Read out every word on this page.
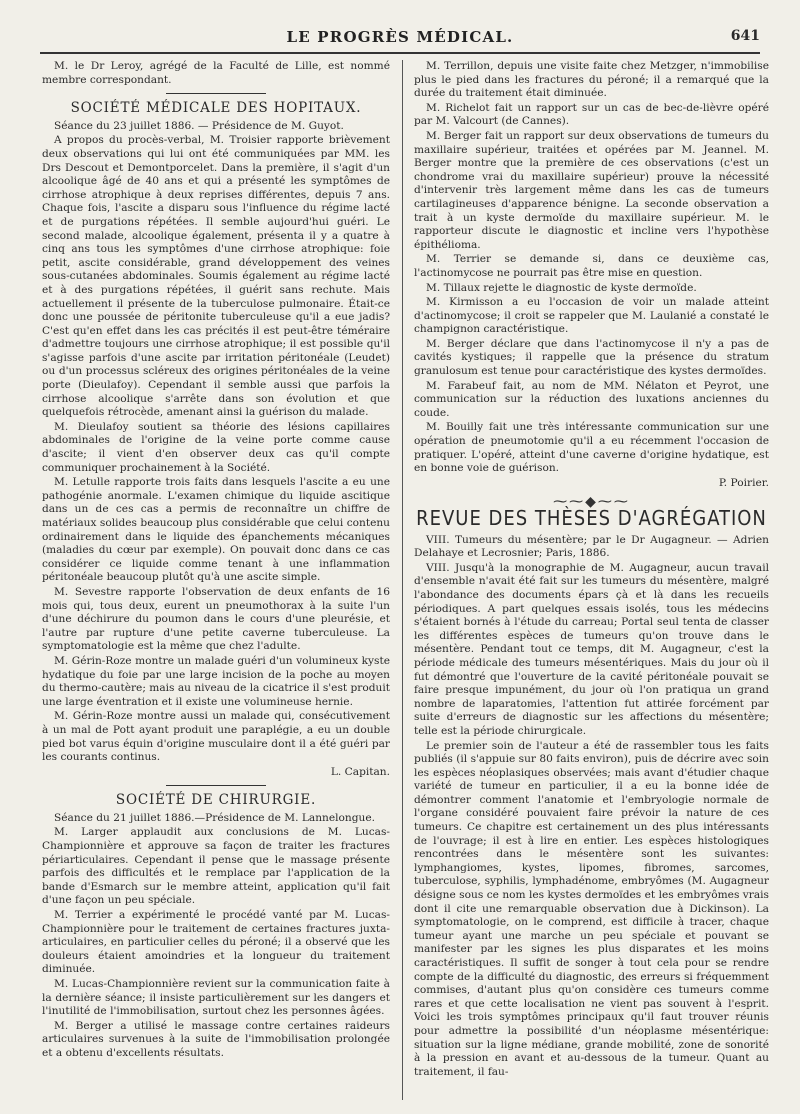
LE PROGRÈS MÉDICAL.	641

M. le Dr Leroy, agrégé de la Faculté de Lille, est nommé membre correspondant.

SOCIÉTÉ MÉDICALE DES HOPITAUX.

Séance du 23 juillet 1886. — Présidence de M. Guyot.

A propos du procès-verbal, M. Troisier rapporte brièvement deux observations qui lui ont été communiquées par MM. les Drs Descout et Demontporcelet. Dans la première, il s'agit d'un alcoolique âgé de 40 ans et qui a présenté les symptômes de cirrhose atrophique à deux reprises différentes, depuis 7 ans. Chaque fois, l'ascite a disparu sous l'influence du régime lacté et de purgations répétées. Il semble aujourd'hui guéri. Le second malade, alcoolique également, présenta il y a quatre à cinq ans tous les symptômes d'une cirrhose atrophique: foie petit, ascite considérable, grand développement des veines sous-cutanées abdominales. Soumis également au régime lacté et à des purgations répétées, il guérit sans rechute. Mais actuellement il présente de la tuberculose pulmonaire. Était-ce donc une poussée de péritonite tuberculeuse qu'il a eue jadis? C'est qu'en effet dans les cas précités il est peut-être téméraire d'admettre toujours une cirrhose atrophique; il est possible qu'il s'agisse parfois d'une ascite par irritation péritonéale (Leudet) ou d'un processus scléreux des origines péritonéales de la veine porte (Dieulafoy). Cependant il semble aussi que parfois la cirrhose alcoolique s'arrête dans son évolution et que quelquefois rétrocède, amenant ainsi la guérison du malade.

M. Dieulafoy soutient sa théorie des lésions capillaires abdominales de l'origine de la veine porte comme cause d'ascite; il vient d'en observer deux cas qu'il compte communiquer prochainement à la Société.

M. Letulle rapporte trois faits dans lesquels l'ascite a eu une pathogénie anormale. L'examen chimique du liquide ascitique dans un de ces cas a permis de reconnaître un chiffre de matériaux solides beaucoup plus considérable que celui contenu ordinairement dans le liquide des épanchements mécaniques (maladies du cœur par exemple). On pouvait donc dans ce cas considérer ce liquide comme tenant à une inflammation péritonéale beaucoup plutôt qu'à une ascite simple.

M. Sevestre rapporte l'observation de deux enfants de 16 mois qui, tous deux, eurent un pneumothorax à la suite l'un d'une déchirure du poumon dans le cours d'une pleurésie, et l'autre par rupture d'une petite caverne tuberculeuse. La symptomatologie est la même que chez l'adulte.

M. Gérin-Roze montre un malade guéri d'un volumineux kyste hydatique du foie par une large incision de la poche au moyen du thermo-cautère; mais au niveau de la cicatrice il s'est produit une large éventration et il existe une volumineuse hernie.

M. Gérin-Roze montre aussi un malade qui, consécutivement à un mal de Pott ayant produit une paraplégie, a eu un double pied bot varus équin d'origine musculaire dont il a été guéri par les courants continus.

L. Capitan.

SOCIÉTÉ DE CHIRURGIE.

Séance du 21 juillet 1886.—Présidence de M. Lannelongue.

M. Larger applaudit aux conclusions de M. Lucas-Championnière et approuve sa façon de traiter les fractures périarticulaires. Cependant il pense que le massage présente parfois des difficultés et le remplace par l'application de la bande d'Esmarch sur le membre atteint, application qu'il fait d'une façon un peu spéciale.

M. Terrier a expérimenté le procédé vanté par M. Lucas-Championnière pour le traitement de certaines fractures juxta-articulaires, en particulier celles du péroné; il a observé que les douleurs étaient amoindries et la longueur du traitement diminuée.

M. Lucas-Championnière revient sur la communication faite à la dernière séance; il insiste particulièrement sur les dangers et l'inutilité de l'immobilisation, surtout chez les personnes âgées.

M. Berger a utilisé le massage contre certaines raideurs articulaires survenues à la suite de l'immobilisation prolongée et a obtenu d'excellents résultats.

M. Terrillon, depuis une visite faite chez Metzger, n'immobilise plus le pied dans les fractures du péroné; il a remarqué que la durée du traitement était diminuée.

M. Richelot fait un rapport sur un cas de bec-de-lièvre opéré par M. Valcourt (de Cannes).

M. Berger fait un rapport sur deux observations de tumeurs du maxillaire supérieur, traitées et opérées par M. Jeannel. M. Berger montre que la première de ces observations (c'est un chondrome vrai du maxillaire supérieur) prouve la nécessité d'intervenir très largement même dans les cas de tumeurs cartilagineuses d'apparence bénigne. La seconde observation a trait à un kyste dermoïde du maxillaire supérieur. M. le rapporteur discute le diagnostic et incline vers l'hypothèse épithélioma.

M. Terrier se demande si, dans ce deuxième cas, l'actinomycose ne pourrait pas être mise en question.

M. Tillaux rejette le diagnostic de kyste dermoïde.

M. Kirmisson a eu l'occasion de voir un malade atteint d'actinomycose; il croit se rappeler que M. Laulanié a constaté le champignon caractéristique.

M. Berger déclare que dans l'actinomycose il n'y a pas de cavités kystiques; il rappelle que la présence du stratum granulosum est tenue pour caractéristique des kystes dermoïdes.

M. Farabeuf fait, au nom de MM. Nélaton et Peyrot, une communication sur la réduction des luxations anciennes du coude.

M. Bouilly fait une très intéressante communication sur une opération de pneumotomie qu'il a eu récemment l'occasion de pratiquer. L'opéré, atteint d'une caverne d'origine hydatique, est en bonne voie de guérison.

P. Poirier.

⁓⁓◆⁓⁓
REVUE DES THÈSES D'AGRÉGATION

VIII. Tumeurs du mésentère; par le Dr Augagneur. — Adrien Delahaye et Lecrosnier; Paris, 1886.

VIII. Jusqu'à la monographie de M. Augagneur, aucun travail d'ensemble n'avait été fait sur les tumeurs du mésentère, malgré l'abondance des documents épars çà et là dans les recueils périodiques. A part quelques essais isolés, tous les médecins s'étaient bornés à l'étude du carreau; Portal seul tenta de classer les différentes espèces de tumeurs qu'on trouve dans le mésentère. Pendant tout ce temps, dit M. Augagneur, c'est la période médicale des tumeurs mésentériques. Mais du jour où il fut démontré que l'ouverture de la cavité péritonéale pouvait se faire presque impunément, du jour où l'on pratiqua un grand nombre de laparatomies, l'attention fut attirée forcément par suite d'erreurs de diagnostic sur les affections du mésentère; telle est la période chirurgicale.

Le premier soin de l'auteur a été de rassembler tous les faits publiés (il s'appuie sur 80 faits environ), puis de décrire avec soin les espèces néoplasiques observées; mais avant d'étudier chaque variété de tumeur en particulier, il a eu la bonne idée de démontrer comment l'anatomie et l'embryologie normale de l'organe considéré pouvaient faire prévoir la nature de ces tumeurs. Ce chapitre est certainement un des plus intéressants de l'ouvrage; il est à lire en entier. Les espèces histologiques rencontrées dans le mésentère sont les suivantes: lymphangiomes, kystes, lipomes, fibromes, sarcomes, tuberculose, syphilis, lymphadénome, embryômes (M. Augagneur désigne sous ce nom les kystes dermoïdes et les embryômes vrais dont il cite une remarquable observation due à Dickinson). La symptomatologie, on le comprend, est difficile à tracer, chaque tumeur ayant une marche un peu spéciale et pouvant se manifester par les signes les plus disparates et les moins caractéristiques. Il suffit de songer à tout cela pour se rendre compte de la difficulté du diagnostic, des erreurs si fréquemment commises, d'autant plus qu'on considère ces tumeurs comme rares et que cette localisation ne vient pas souvent à l'esprit. Voici les trois symptômes principaux qu'il faut trouver réunis pour admettre la possibilité d'un néoplasme mésentérique: situation sur la ligne médiane, grande mobilité, zone de sonorité à la pression en avant et au-dessous de la tumeur. Quant au traitement, il fau-
